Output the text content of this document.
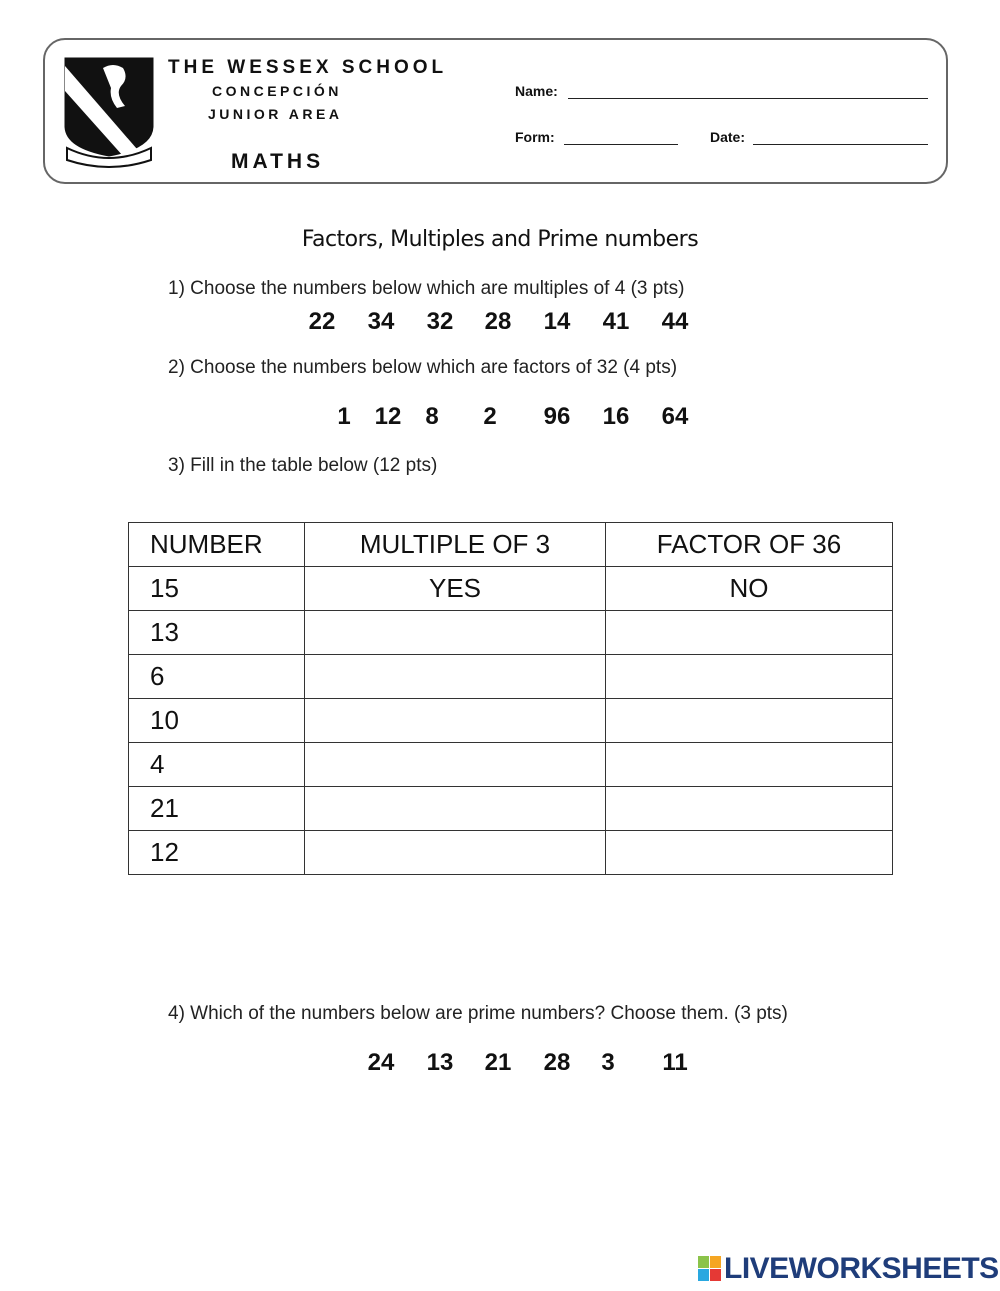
THE WESSEX SCHOOL
CONCEPCIÓN
JUNIOR AREA
MATHS
Name:
Form:	Date:
Factors, Multiples and Prime numbers
1) Choose the numbers below which are multiples of 4 (3 pts)
22 34 32 28 14 41 44
2) Choose the numbers below which are factors of 32 (4 pts)
1 12 8 2 96 16 64
3) Fill in the table below (12 pts)
NUMBER	MULTIPLE OF 3	FACTOR OF 36
15	YES	NO
13		
6		
10		
4		
21		
12		
4) Which of the numbers below are prime numbers? Choose them. (3 pts)
24 13 21 28 3 11
LIVEWORKSHEETS
